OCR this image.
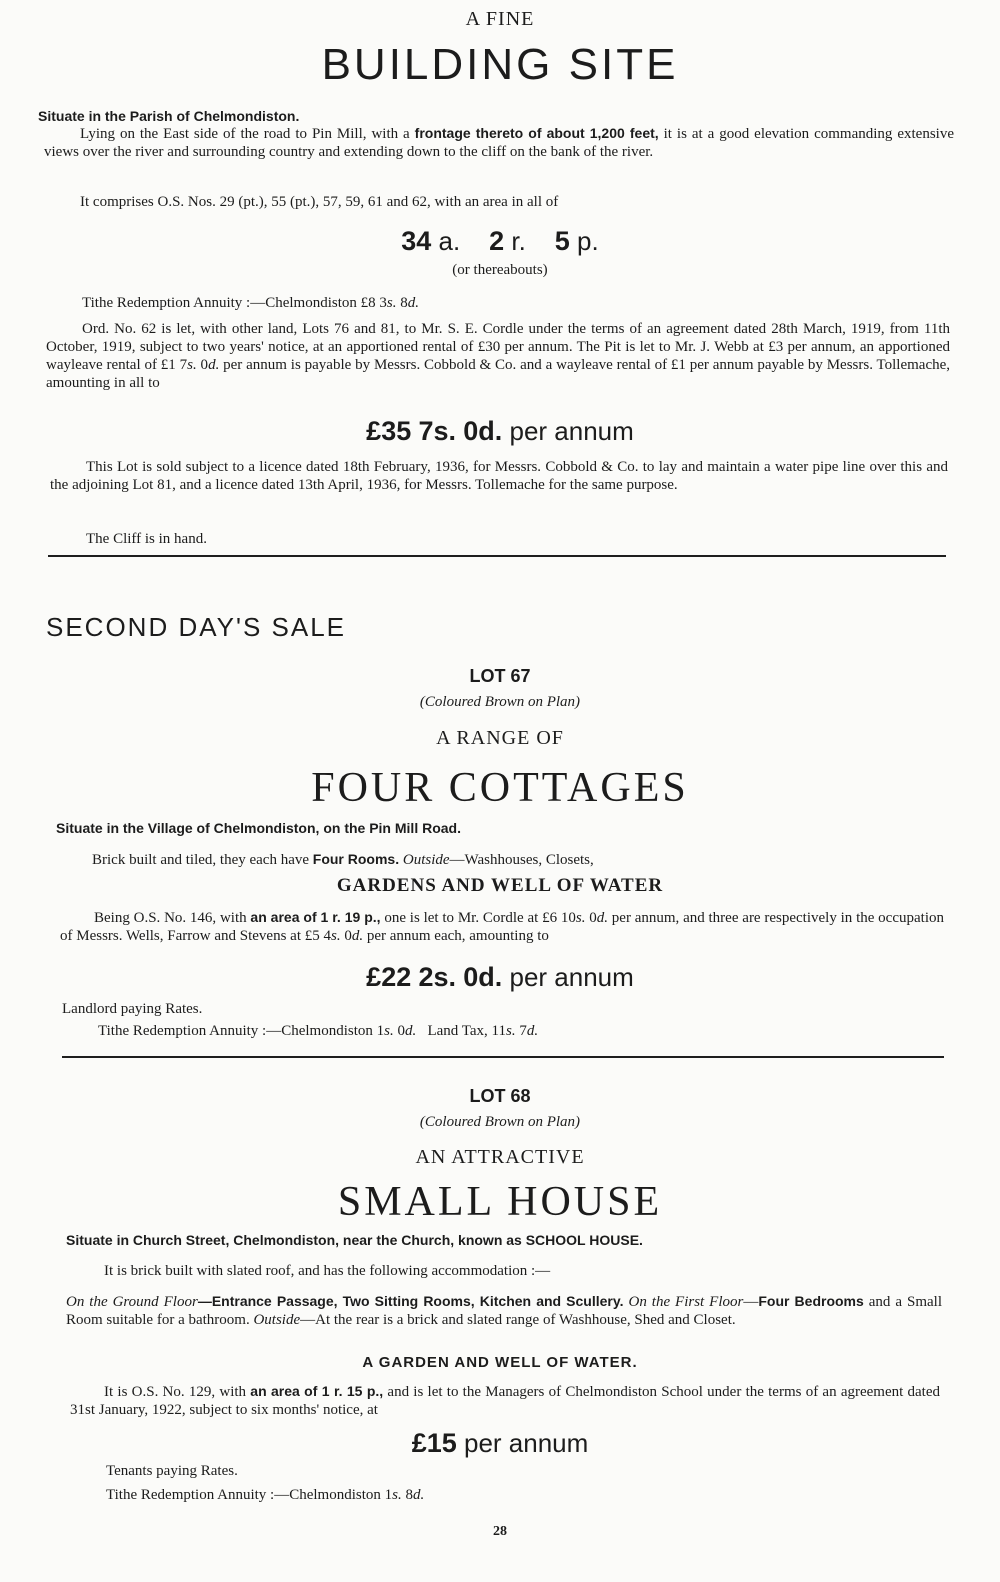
A FINE
BUILDING SITE
Situate in the Parish of Chelmondiston.
Lying on the East side of the road to Pin Mill, with a frontage thereto of about 1,200 feet, it is at a good elevation commanding extensive views over the river and surrounding country and extending down to the cliff on the bank of the river.
It comprises O.S. Nos. 29 (pt.), 55 (pt.), 57, 59, 61 and 62, with an area in all of
34 a. 2 r. 5 p.
(or thereabouts)
Tithe Redemption Annuity :—Chelmondiston £8 3s. 8d.
Ord. No. 62 is let, with other land, Lots 76 and 81, to Mr. S. E. Cordle under the terms of an agreement dated 28th March, 1919, from 11th October, 1919, subject to two years' notice, at an apportioned rental of £30 per annum. The Pit is let to Mr. J. Webb at £3 per annum, an apportioned wayleave rental of £1 7s. 0d. per annum is payable by Messrs. Cobbold & Co. and a wayleave rental of £1 per annum payable by Messrs. Tollemache, amounting in all to
£35 7s. 0d. per annum
This Lot is sold subject to a licence dated 18th February, 1936, for Messrs. Cobbold & Co. to lay and maintain a water pipe line over this and the adjoining Lot 81, and a licence dated 13th April, 1936, for Messrs. Tollemache for the same purpose.
The Cliff is in hand.
SECOND DAY'S SALE
LOT 67
(Coloured Brown on Plan)
A RANGE OF
FOUR COTTAGES
Situate in the Village of Chelmondiston, on the Pin Mill Road.
Brick built and tiled, they each have Four Rooms. Outside—Washhouses, Closets,
GARDENS AND WELL OF WATER
Being O.S. No. 146, with an area of 1 r. 19 p., one is let to Mr. Cordle at £6 10s. 0d. per annum, and three are respectively in the occupation of Messrs. Wells, Farrow and Stevens at £5 4s. 0d. per annum each, amounting to
£22 2s. 0d. per annum
Landlord paying Rates.
Tithe Redemption Annuity :—Chelmondiston 1s. 0d.   Land Tax, 11s. 7d.
LOT 68
(Coloured Brown on Plan)
AN ATTRACTIVE
SMALL HOUSE
Situate in Church Street, Chelmondiston, near the Church, known as SCHOOL HOUSE.
It is brick built with slated roof, and has the following accommodation :—
On the Ground Floor—Entrance Passage, Two Sitting Rooms, Kitchen and Scullery. On the First Floor—Four Bedrooms and a Small Room suitable for a bathroom. Outside—At the rear is a brick and slated range of Washhouse, Shed and Closet.
A GARDEN AND WELL OF WATER.
It is O.S. No. 129, with an area of 1 r. 15 p., and is let to the Managers of Chelmondiston School under the terms of an agreement dated 31st January, 1922, subject to six months' notice, at
£15 per annum
Tenants paying Rates.
Tithe Redemption Annuity :—Chelmondiston 1s. 8d.
28
